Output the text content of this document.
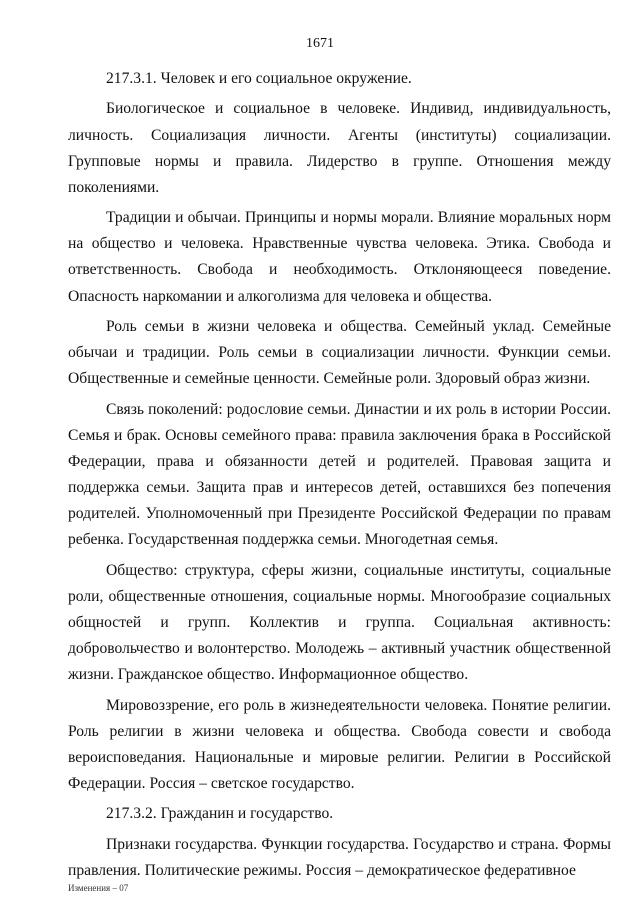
1671

217.3.1. Человек и его социальное окружение.

Биологическое и социальное в человеке. Индивид, индивидуальность, личность. Социализация личности. Агенты (институты) социализации. Групповые нормы и правила. Лидерство в группе. Отношения между поколениями.

Традиции и обычаи. Принципы и нормы морали. Влияние моральных норм на общество и человека. Нравственные чувства человека. Этика. Свобода и ответственность. Свобода и необходимость. Отклоняющееся поведение. Опасность наркомании и алкоголизма для человека и общества.

Роль семьи в жизни человека и общества. Семейный уклад. Семейные обычаи и традиции. Роль семьи в социализации личности. Функции семьи. Общественные и семейные ценности. Семейные роли. Здоровый образ жизни.

Связь поколений: родословие семьи. Династии и их роль в истории России. Семья и брак. Основы семейного права: правила заключения брака в Российской Федерации, права и обязанности детей и родителей. Правовая защита и поддержка семьи. Защита прав и интересов детей, оставшихся без попечения родителей. Уполномоченный при Президенте Российской Федерации по правам ребенка. Государственная поддержка семьи. Многодетная семья.

Общество: структура, сферы жизни, социальные институты, социальные роли, общественные отношения, социальные нормы. Многообразие социальных общностей и групп. Коллектив и группа. Социальная активность: добровольчество и волонтерство. Молодежь – активный участник общественной жизни. Гражданское общество. Информационное общество.

Мировоззрение, его роль в жизнедеятельности человека. Понятие религии. Роль религии в жизни человека и общества. Свобода совести и свобода вероисповедания. Национальные и мировые религии. Религии в Российской Федерации. Россия – светское государство.

217.3.2. Гражданин и государство.

Признаки государства. Функции государства. Государство и страна. Формы правления. Политические режимы. Россия – демократическое федеративное

Изменения – 07
